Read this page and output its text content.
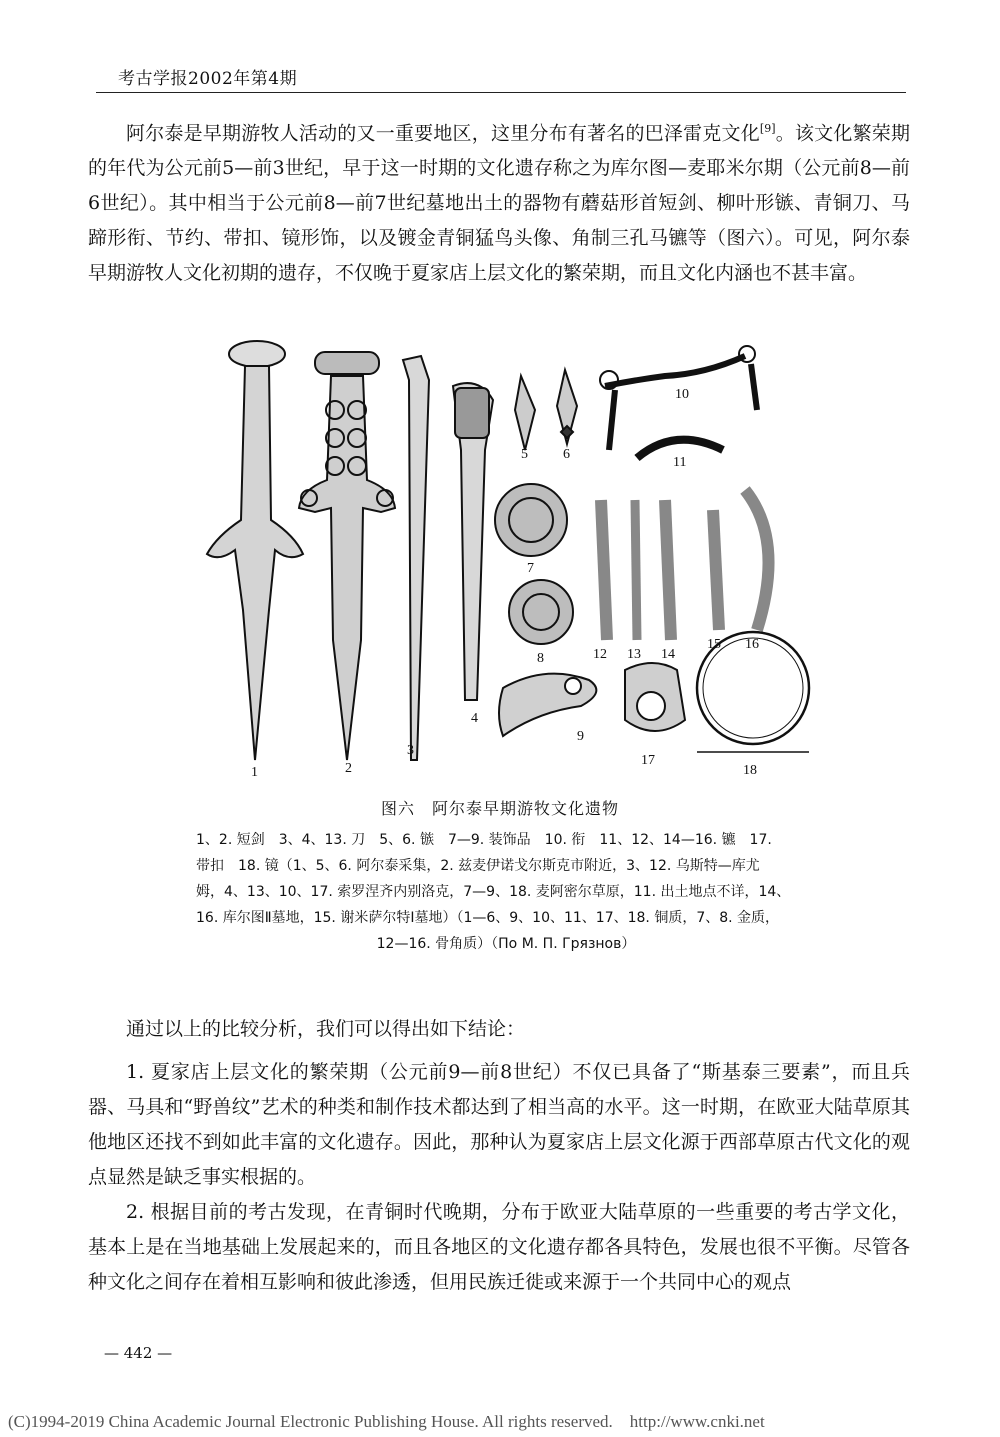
考古学报2002年第4期

阿尔泰是早期游牧人活动的又一重要地区，这里分布有著名的巴泽雷克文化[9]。该文化繁荣期的年代为公元前5—前3世纪，早于这一时期的文化遗存称之为库尔图—麦耶米尔期（公元前8—前6世纪）。其中相当于公元前8—前7世纪墓地出土的器物有蘑菇形首短剑、柳叶形镞、青铜刀、马蹄形衔、节约、带扣、镜形饰，以及镀金青铜猛鸟头像、角制三孔马镳等（图六）。可见，阿尔泰早期游牧人文化初期的遗存，不仅晚于夏家店上层文化的繁荣期，而且文化内涵也不甚丰富。

1	2
3
4
5	6
7
8
9
10
11
12 13 14
15 16
17
18
图六　阿尔泰早期游牧文化遗物
1、2. 短剑　3、4、13. 刀　5、6. 镞　7—9. 装饰品　10. 衔　11、12、14—16. 镳　17.
带扣　18. 镜（1、5、6. 阿尔泰采集，2. 兹麦伊诺戈尔斯克市附近，3、12. 乌斯特—库尤
姆，4、13、10、17. 索罗涅齐内别洛克，7—9、18. 麦阿密尔草原，11. 出土地点不详，14、
16. 库尔图Ⅱ墓地，15. 谢米萨尔特Ⅰ墓地）（1—6、9、10、11、17、18. 铜质，7、8. 金质，
12—16. 骨角质）（По М. П. Грязнов）

通过以上的比较分析，我们可以得出如下结论：

1. 夏家店上层文化的繁荣期（公元前9—前8世纪）不仅已具备了“斯基泰三要素”，而且兵器、马具和“野兽纹”艺术的种类和制作技术都达到了相当高的水平。这一时期，在欧亚大陆草原其他地区还找不到如此丰富的文化遗存。因此，那种认为夏家店上层文化源于西部草原古代文化的观点显然是缺乏事实根据的。

2. 根据目前的考古发现，在青铜时代晚期，分布于欧亚大陆草原的一些重要的考古学文化，基本上是在当地基础上发展起来的，而且各地区的文化遗存都各具特色，发展也很不平衡。尽管各种文化之间存在着相互影响和彼此渗透，但用民族迁徙或来源于一个共同中心的观点

— 442 —
(C)1994-2019 China Academic Journal Electronic Publishing House. All rights reserved.　http://www.cnki.net
